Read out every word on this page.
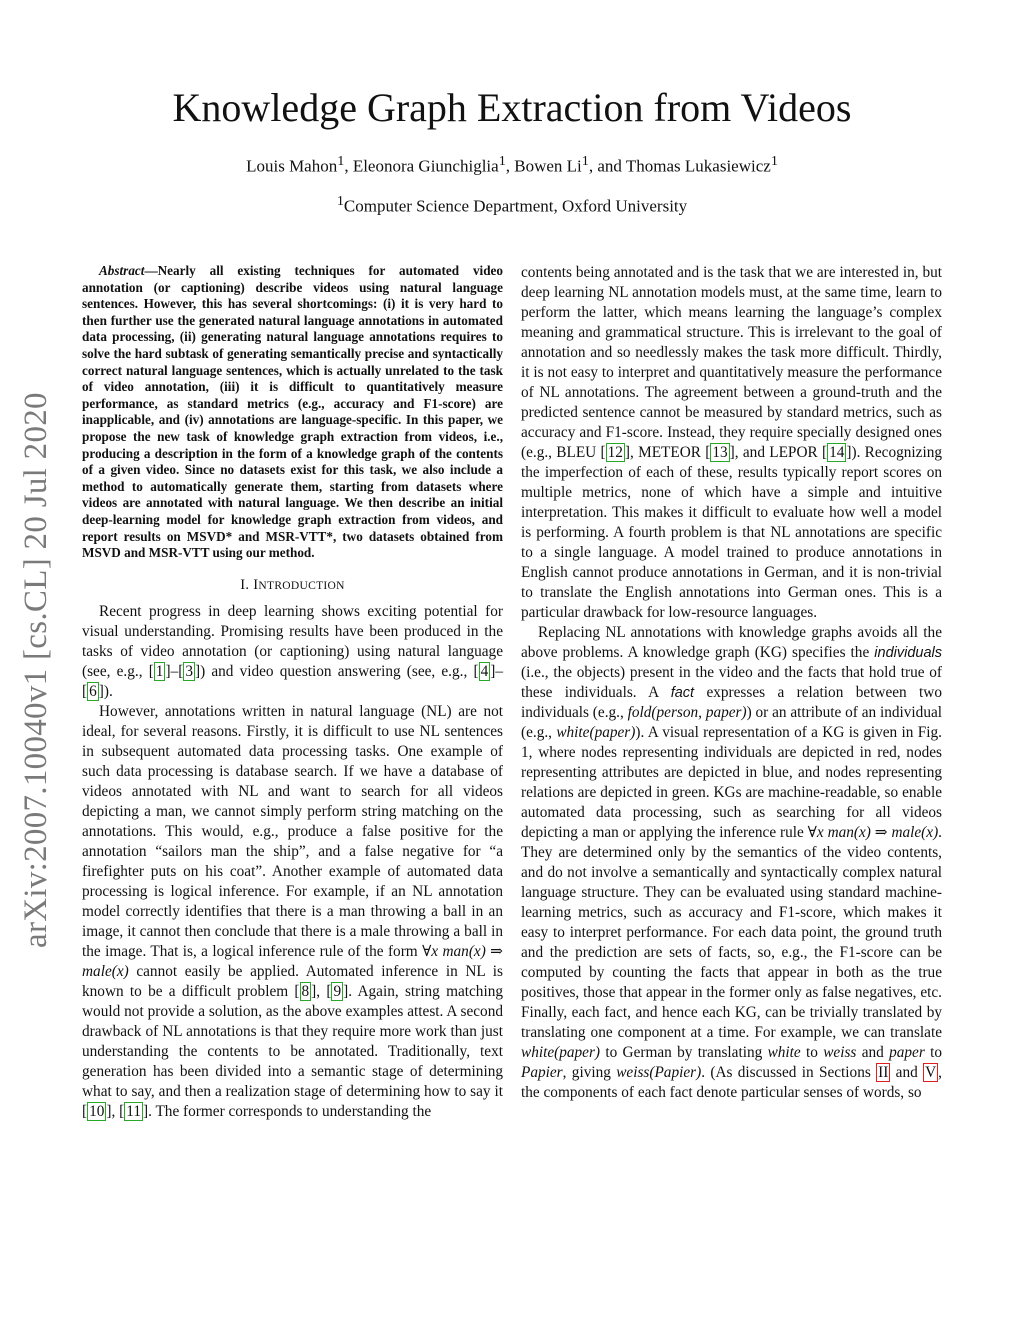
arXiv:2007.10040v1 [cs.CL] 20 Jul 2020
Knowledge Graph Extraction from Videos
Louis Mahon$^1$, Eleonora Giunchiglia$^1$, Bowen Li$^1$, and Thomas Lukasiewicz$^1$
$^1$Computer Science Department, Oxford University

Abstract—Nearly all existing techniques for automated video annotation (or captioning) describe videos using natural language sentences. However, this has several shortcomings: (i) it is very hard to then further use the generated natural language annotations in automated data processing, (ii) generating natural language annotations requires to solve the hard subtask of generating semantically precise and syntactically correct natural language sentences, which is actually unrelated to the task of video annotation, (iii) it is difficult to quantitatively measure performance, as standard metrics (e.g., accuracy and F1-score) are inapplicable, and (iv) annotations are language-specific. In this paper, we propose the new task of knowledge graph extraction from videos, i.e., producing a description in the form of a knowledge graph of the contents of a given video. Since no datasets exist for this task, we also include a method to automatically generate them, starting from datasets where videos are annotated with natural language. We then describe an initial deep-learning model for knowledge graph extraction from videos, and report results on MSVD* and MSR-VTT*, two datasets obtained from MSVD and MSR-VTT using our method.

I. INTRODUCTION

Recent progress in deep learning shows exciting potential for visual understanding. Promising results have been produced in the tasks of video annotation (or captioning) using natural language (see, e.g., [ 1 ]–[ 3 ]) and video question answering (see, e.g., [ 4 ]–[ 6 ]).

However, annotations written in natural language (NL) are not ideal, for several reasons. Firstly, it is difficult to use NL sentences in subsequent automated data processing tasks. One example of such data processing is database search. If we have a database of videos annotated with NL and want to search for all videos depicting a man, we cannot simply perform string matching on the annotations. This would, e.g., produce a false positive for the annotation “sailors man the ship”, and a false negative for “a firefighter puts on his coat”. Another example of automated data processing is logical inference. For example, if an NL annotation model correctly identifies that there is a man throwing a ball in an image, it cannot then conclude that there is a male throwing a ball in the image. That is, a logical inference rule of the form ∀x man(x) ⇒ male(x) cannot easily be applied. Automated inference in NL is known to be a difficult problem [ 8 ], [ 9 ]. Again, string matching would not provide a solution, as the above examples attest. A second drawback of NL annotations is that they require more work than just understanding the contents to be annotated. Traditionally, text generation has been divided into a semantic stage of determining what to say, and then a realization stage of determining how to say it [ 10 ], [ 11 ]. The former corresponds to understanding the

contents being annotated and is the task that we are interested in, but deep learning NL annotation models must, at the same time, learn to perform the latter, which means learning the language’s complex meaning and grammatical structure. This is irrelevant to the goal of annotation and so needlessly makes the task more difficult. Thirdly, it is not easy to interpret and quantitatively measure the performance of NL annotations. The agreement between a ground-truth and the predicted sentence cannot be measured by standard metrics, such as accuracy and F1-score. Instead, they require specially designed ones (e.g., BLEU [ 12 ], METEOR [ 13 ], and LEPOR [ 14 ]). Recognizing the imperfection of each of these, results typically report scores on multiple metrics, none of which have a simple and intuitive interpretation. This makes it difficult to evaluate how well a model is performing. A fourth problem is that NL annotations are specific to a single language. A model trained to produce annotations in English cannot produce annotations in German, and it is non-trivial to translate the English annotations into German ones. This is a particular drawback for low-resource languages.

Replacing NL annotations with knowledge graphs avoids all the above problems. A knowledge graph (KG) specifies the individuals (i.e., the objects) present in the video and the facts that hold true of these individuals. A fact expresses a relation between two individuals (e.g., fold(person, paper)) or an attribute of an individual (e.g., white(paper)). A visual representation of a KG is given in Fig. 1, where nodes representing individuals are depicted in red, nodes representing attributes are depicted in blue, and nodes representing relations are depicted in green. KGs are machine-readable, so enable automated data processing, such as searching for all videos depicting a man or applying the inference rule ∀x man(x) ⇒ male(x). They are determined only by the semantics of the video contents, and do not involve a semantically and syntactically complex natural language structure. They can be evaluated using standard machine-learning metrics, such as accuracy and F1-score, which makes it easy to interpret performance. For each data point, the ground truth and the prediction are sets of facts, so, e.g., the F1-score can be computed by counting the facts that appear in both as the true positives, those that appear in the former only as false negatives, etc. Finally, each fact, and hence each KG, can be trivially translated by translating one component at a time. For example, we can translate white(paper) to German by translating white to weiss and paper to Papier, giving weiss(Papier). (As discussed in Sections II and V , the components of each fact denote particular senses of words, so
